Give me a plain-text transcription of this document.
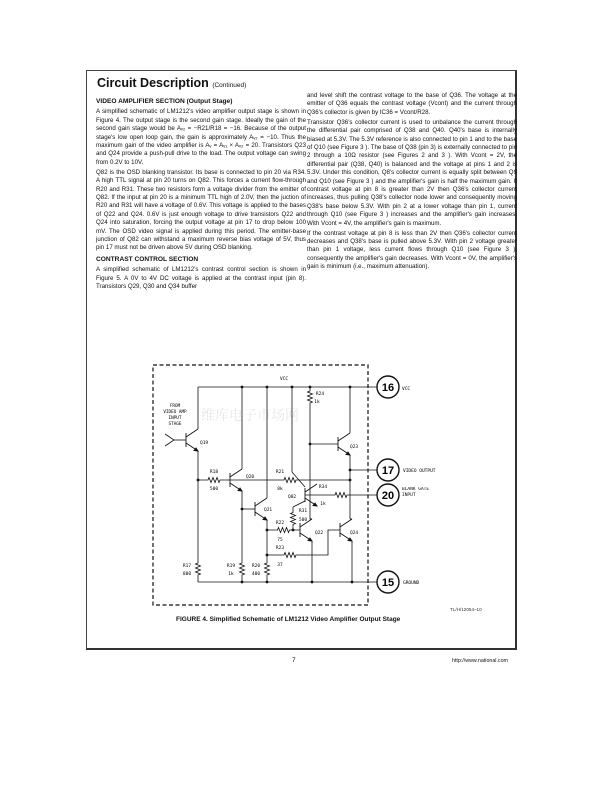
Circuit Description (Continued)
VIDEO AMPLIFIER SECTION (Output Stage)

A simplified schematic of LM1212's video amplifier output stage is shown in Figure 4. The output stage is the second gain stage. Ideally the gain of the second gain stage would be Aᵥ₂ = −R21/R18 = −16. Because of the output stage's low open loop gain, the gain is approximately Aᵥ₂ = −10. Thus the maximum gain of the video amplifier is Aᵥ = Aᵥ₁ × Aᵥ₂ = 20. Transistors Q23 and Q24 provide a push-pull drive to the load. The output voltage can swing from 0.2V to 10V.

Q82 is the OSD blanking transistor. Its base is connected to pin 20 via R34. A high TTL signal at pin 20 turns on Q82. This forces a current flow-through R20 and R31. These two resistors form a voltage divider from the emitter of Q82. If the input at pin 20 is a minimum TTL high of 2.0V, then the juction of R20 and R31 will have a voltage of 0.6V. This voltage is applied to the bases of Q22 and Q24. 0.6V is just enough voltage to drive transistors Q22 and Q24 into saturation, forcing the output voltage at pin 17 to drop below 100 mV. The OSD video signal is applied during this period. The emitter-base junction of Q82 can withstand a maximum reverse bias voltage of 5V, thus pin 17 must not be driven above 5V during OSD blanking.

CONTRAST CONTROL SECTION

A simplified schematic of LM1212's contrast control section is shown in Figure 5. A 0V to 4V DC voltage is applied at the contrast input (pin 8). Transistors Q29, Q30 and Q34 buffer

and level shift the contrast voltage to the base of Q36. The voltage at the emitter of Q36 equals the contrast voltage (Vcont) and the current through Q36's collector is given by IC36 = Vcont/R28.

Transistor Q36's collector current is used to unbalance the current through the differential pair comprised of Q38 and Q40. Q40's base is internally biased at 5.3V. The 5.3V reference is also connected to pin 1 and to the base of Q10 (see Figure 3 ). The base of Q38 (pin 3) is externally connected to pin 2 through a 10Ω resistor (see Figures 2 and 3 ). With Vcont = 2V, the differential pair (Q38, Q40) is balanced and the voltage at pins 1 and 2 is 5.3V. Under this condition, Q8's collector current is equally split between Q9 and Q10 (see Figure 3 ) and the amplifier's gain is half the maximum gain. If contrast voltage at pin 8 is greater than 2V then Q36's collector current increases, thus pulling Q38's collector node lower and consequently moving Q38's base below 5.3V. With pin 2 at a lower voltage than pin 1, current through Q10 (see Figure 3 ) increases and the amplifier's gain increases. With Vcont = 4V, the amplifier's gain is maximum.

If the contrast voltage at pin 8 is less than 2V then Q36's collector current decreases and Q38's base is pulled above 5.3V. With pin 2 voltage greater than pin 1 voltage, less current flows through Q10 (see Figure 3 ), consequently the amplifier's gain decreases. With Vcont = 0V, the amplifier's gain is minimum (i.e., maximum attenuation).

维库电子市场网
VCC
FROM
VIDEO AMP
INPUT
STAGE
Q19
Q20
Q21
Q82
Q22
Q23
Q24
R18
500
R21
8k	R34
1k
R31
500
R22
75
R23
37
R24
1k
R17
800
R19
1k
R20
400
16 VCC
17 VIDEO OUTPUT
20
BLANK GATE INPUT
15 GROUND
TL/H/12054–10
FIGURE 4. Simplified Schematic of LM1212 Video Amplifier Output Stage
7	http://www.national.com
